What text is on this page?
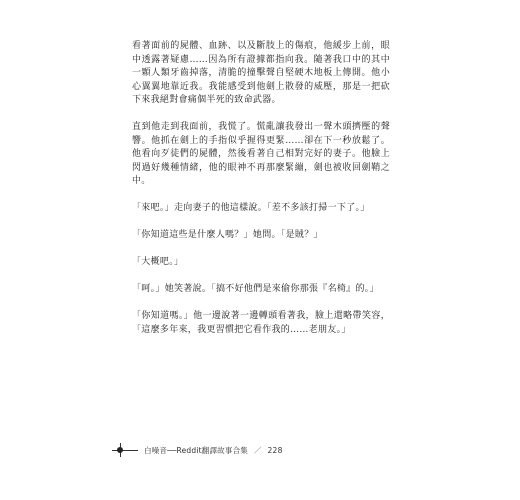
看著面前的屍體、血跡、以及斷肢上的傷痕，他緩步上前，眼中透露著疑慮……因為所有證據都指向我。隨著我口中的其中一顆人類牙齒掉落，清脆的撞擊聲自堅硬木地板上傳開。他小心翼翼地靠近我。我能感受到他劍上散發的威壓，那是一把砍下來我絕對會痛個半死的致命武器。

直到他走到我面前，我慌了。慌亂讓我發出一聲木頭擠壓的聲響。他抓在劍上的手指似乎握得更緊……卻在下一秒放鬆了。他看向歹徒們的屍體，然後看著自己相對完好的妻子。他臉上閃過好幾種情緒，他的眼神不再那麼緊繃，劍也被收回劍鞘之中。

「來吧。」走向妻子的他這樣說。「差不多該打掃一下了。」

「你知道這些是什麼人嗎？」她問。「是賊？」

「大概吧。」

「呵。」她笑著說。「搞不好他們是來偷你那張『名椅』的。」

「你知道嗎。」他一邊說著一邊轉頭看著我，臉上還略帶笑容，「這麼多年來，我更習慣把它看作我的……老朋友。」

白噪音──Reddit翻譯故事合集 ／ 228
